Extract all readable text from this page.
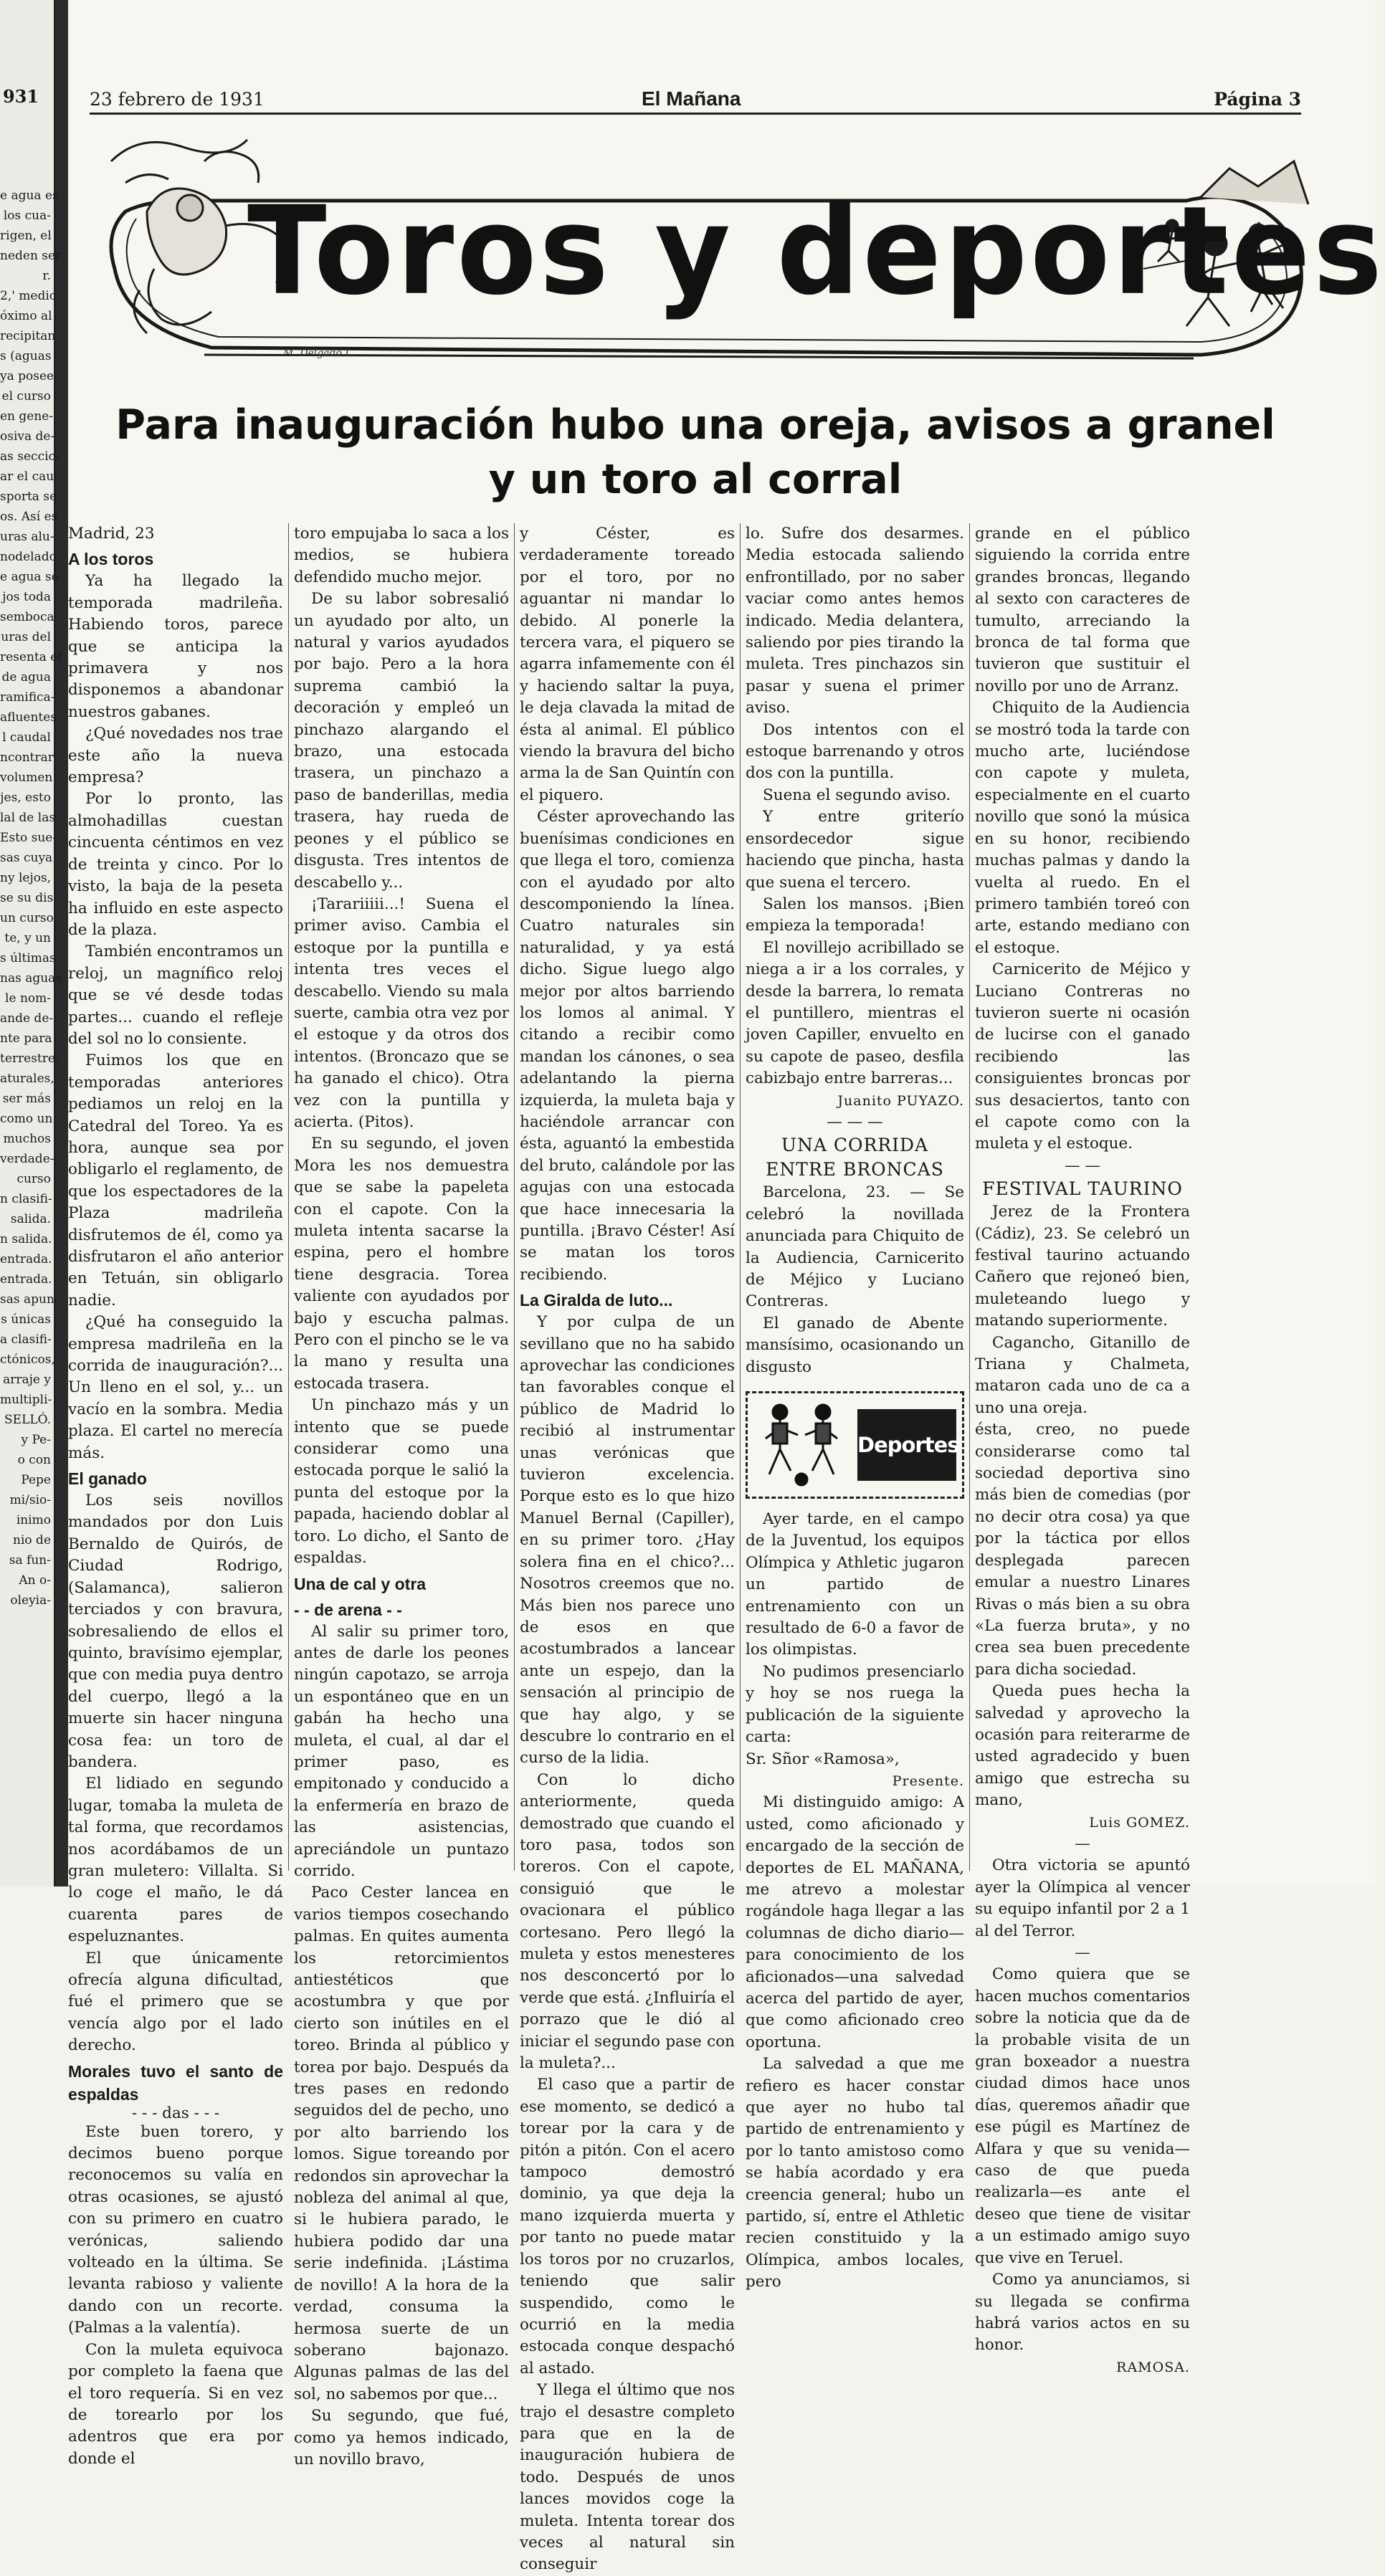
931
e agua es
los cua-
rigen, el
neden ser
r.
2,' medio
óximo al
recipitan
s (aguas
ya posee
el curso
en gene-
osiva de-
as seccio-
ar el cau-
sporta se
os. Así es
uras alu-
nodelado-
e agua se
jos toda
semboca-
uras del
resenta el
de agua
ramifica-
afluentes
l caudal
ncontrar
volumen
jes, esto
lal de las
Esto sue-
sas cuya
ny lejos,
se su dis-
un curso
te, y un
s últimas
nas aguas
le nom-
ande de-
nte para
terrestre-
aturales,
ser más
como un
muchos
verdade-
curso
n clasifi-
salida.
n salida.
entrada.
entrada.
sas apun-
s únicas
a clasifi-
ctónicos,
arraje y
multipli-
SELLÓ.
y Pe-
o con
Pepe
mi/sio-
inimo
nio de
sa fun-
An o-
oleyia-
23 febrero de 1931	El Mañana	Página 3
Toros y deportes
M. Delgado L.
Para inauguración hubo una oreja, avisos a granel y un toro al corral

Madrid, 23

A los toros

Ya ha llegado la temporada madrileña. Habiendo toros, parece que se anticipa la primavera y nos disponemos a abandonar nuestros gabanes.

¿Qué novedades nos trae este año la nueva empresa?

Por lo pronto, las almohadillas cuestan cincuenta céntimos en vez de treinta y cinco. Por lo visto, la baja de la peseta ha influido en este aspecto de la plaza.

También encontramos un reloj, un magnífico reloj que se vé desde todas partes... cuando el refleje del sol no lo consiente.

Fuimos los que en temporadas anteriores pediamos un reloj en la Catedral del Toreo. Ya es hora, aunque sea por obligarlo el reglamento, de que los espectadores de la Plaza madrileña disfrutemos de él, como ya disfrutaron el año anterior en Tetuán, sin obligarlo nadie.

¿Qué ha conseguido la empresa madrileña en la corrida de inauguración?... Un lleno en el sol, y... un vacío en la sombra. Media plaza. El cartel no merecía más.

El ganado

Los seis novillos mandados por don Luis Bernaldo de Quirós, de Ciudad Rodrigo, (Salamanca), salieron terciados y con bravura, sobresaliendo de ellos el quinto, bravísimo ejemplar, que con media puya dentro del cuerpo, llegó a la muerte sin hacer ninguna cosa fea: un toro de bandera.

El lidiado en segundo lugar, tomaba la muleta de tal forma, que recordamos nos acordábamos de un gran muletero: Villalta. Si lo coge el maño, le dá cuarenta pares de espeluznantes.

El que únicamente ofrecía alguna dificultad, fué el primero que se vencía algo por el lado derecho.

Morales tuvo el santo de espaldas

- - - das - - -

Este buen torero, y decimos bueno porque reconocemos su valía en otras ocasiones, se ajustó con su primero en cuatro verónicas, saliendo volteado en la última. Se levanta rabioso y valiente dando con un recorte. (Palmas a la valentía).

Con la muleta equivoca por completo la faena que el toro requería. Si en vez de torearlo por los adentros que era por donde el

toro empujaba lo saca a los medios, se hubiera defendido mucho mejor.

De su labor sobresalió un ayudado por alto, un natural y varios ayudados por bajo. Pero a la hora suprema cambió la decoración y empleó un pinchazo alargando el brazo, una estocada trasera, un pinchazo a paso de banderillas, media trasera, hay rueda de peones y el público se disgusta. Tres intentos de descabello y...

¡Tarariiiii...! Suena el primer aviso. Cambia el estoque por la puntilla e intenta tres veces el descabello. Viendo su mala suerte, cambia otra vez por el estoque y da otros dos intentos. (Broncazo que se ha ganado el chico). Otra vez con la puntilla y acierta. (Pitos).

En su segundo, el joven Mora les nos demuestra que se sabe la papeleta con el capote. Con la muleta intenta sacarse la espina, pero el hombre tiene desgracia. Torea valiente con ayudados por bajo y escucha palmas. Pero con el pincho se le va la mano y resulta una estocada trasera.

Un pinchazo más y un intento que se puede considerar como una estocada porque le salió la punta del estoque por la papada, haciendo doblar al toro. Lo dicho, el Santo de espaldas.

Una de cal y otra

- - de arena - -

Al salir su primer toro, antes de darle los peones ningún capotazo, se arroja un espontáneo que en un gabán ha hecho una muleta, el cual, al dar el primer paso, es empitonado y conducido a la enfermería en brazo de las asistencias, apreciándole un puntazo corrido.

Paco Cester lancea en varios tiempos cosechando palmas. En quites aumenta los retorcimientos antiestéticos que acostumbra y que por cierto son inútiles en el toreo. Brinda al público y torea por bajo. Después da tres pases en redondo seguidos del de pecho, uno por alto barriendo los lomos. Sigue toreando por redondos sin aprovechar la nobleza del animal al que, si le hubiera parado, le hubiera podido dar una serie indefinida. ¡Lástima de novillo! A la hora de la verdad, consuma la hermosa suerte de un soberano bajonazo. Algunas palmas de las del sol, no sabemos por que...

Su segundo, que fué, como ya hemos indicado, un novillo bravo,

y Céster, es verdaderamente toreado por el toro, por no aguantar ni mandar lo debido. Al ponerle la tercera vara, el piquero se agarra infamemente con él y haciendo saltar la puya, le deja clavada la mitad de ésta al animal. El público viendo la bravura del bicho arma la de San Quintín con el piquero.

Céster aprovechando las buenísimas condiciones en que llega el toro, comienza con el ayudado por alto descomponiendo la línea. Cuatro naturales sin naturalidad, y ya está dicho. Sigue luego algo mejor por altos barriendo los lomos al animal. Y citando a recibir como mandan los cánones, o sea adelantando la pierna izquierda, la muleta baja y haciéndole arrancar con ésta, aguantó la embestida del bruto, calándole por las agujas con una estocada que hace innecesaria la puntilla. ¡Bravo Céster! Así se matan los toros recibiendo.

La Giralda de luto...

Y por culpa de un sevillano que no ha sabido aprovechar las condiciones tan favorables conque el público de Madrid lo recibió al instrumentar unas verónicas que tuvieron excelencia. Porque esto es lo que hizo Manuel Bernal (Capiller), en su primer toro. ¿Hay solera fina en el chico?... Nosotros creemos que no. Más bien nos parece uno de esos en que acostumbrados a lancear ante un espejo, dan la sensación al principio de que hay algo, y se descubre lo contrario en el curso de la lidia.

Con lo dicho anteriormente, queda demostrado que cuando el toro pasa, todos son toreros. Con el capote, consiguió que le ovacionara el público cortesano. Pero llegó la muleta y estos menesteres nos desconcertó por lo verde que está. ¿Influiría el porrazo que le dió al iniciar el segundo pase con la muleta?...

El caso que a partir de ese momento, se dedicó a torear por la cara y de pitón a pitón. Con el acero tampoco demostró dominio, ya que deja la mano izquierda muerta y por tanto no puede matar los toros por no cruzarlos, teniendo que salir suspendido, como le ocurrió en la media estocada conque despachó al astado.

Y llega el último que nos trajo el desastre completo para que en la de inauguración hubiera de todo. Después de unos lances movidos coge la muleta. Intenta torear dos veces al natural sin conseguir

lo. Sufre dos desarmes. Media estocada saliendo enfrontillado, por no saber vaciar como antes hemos indicado. Media delantera, saliendo por pies tirando la muleta. Tres pinchazos sin pasar y suena el primer aviso.

Dos intentos con el estoque barrenando y otros dos con la puntilla.

Suena el segundo aviso.

Y entre griterío ensordecedor sigue haciendo que pincha, hasta que suena el tercero.

Salen los mansos. ¡Bien empieza la temporada!

El novillejo acribillado se niega a ir a los corrales, y desde la barrera, lo remata el puntillero, mientras el joven Capiller, envuelto en su capote de paseo, desfila cabizbajo entre barreras...

Juanito PUYAZO.

— — —

UNA CORRIDA ENTRE BRONCAS

Barcelona, 23. — Se celebró la novillada anunciada para Chiquito de la Audiencia, Carnicerito de Méjico y Luciano Contreras.

El ganado de Abente mansísimo, ocasionando un disgusto

Deportes

Ayer tarde, en el campo de la Juventud, los equipos Olímpica y Athletic jugaron un partido de entrenamiento con un resultado de 6-0 a favor de los olimpistas.

No pudimos presenciarlo y hoy se nos ruega la publicación de la siguiente carta:

Sr. Sñor «Ramosa»,

Presente.

Mi distinguido amigo: A usted, como aficionado y encargado de la sección de deportes de EL MAÑANA, me atrevo a molestar rogándole haga llegar a las columnas de dicho diario—para conocimiento de los aficionados—una salvedad acerca del partido de ayer, que como aficionado creo oportuna.

La salvedad a que me refiero es hacer constar que ayer no hubo tal partido de entrenamiento y por lo tanto amistoso como se había acordado y era creencia general; hubo un partido, sí, entre el Athletic recien constituido y la Olímpica, ambos locales, pero

grande en el público siguiendo la corrida entre grandes broncas, llegando al sexto con caracteres de tumulto, arreciando la bronca de tal forma que tuvieron que sustituir el novillo por uno de Arranz.

Chiquito de la Audiencia se mostró toda la tarde con mucho arte, luciéndose con capote y muleta, especialmente en el cuarto novillo que sonó la música en su honor, recibiendo muchas palmas y dando la vuelta al ruedo. En el primero también toreó con arte, estando mediano con el estoque.

Carnicerito de Méjico y Luciano Contreras no tuvieron suerte ni ocasión de lucirse con el ganado recibiendo las consiguientes broncas por sus desaciertos, tanto con el capote como con la muleta y el estoque.

— —

FESTIVAL TAURINO

Jerez de la Frontera (Cádiz), 23. Se celebró un festival taurino actuando Cañero que rejoneó bien, muleteando luego y matando superiormente.

Cagancho, Gitanillo de Triana y Chalmeta, mataron cada uno de ca a uno una oreja.

ésta, creo, no puede considerarse como tal sociedad deportiva sino más bien de comedias (por no decir otra cosa) ya que por la táctica por ellos desplegada parecen emular a nuestro Linares Rivas o más bien a su obra «La fuerza bruta», y no crea sea buen precedente para dicha sociedad.

Queda pues hecha la salvedad y aprovecho la ocasión para reiterarme de usted agradecido y buen amigo que estrecha su mano,

Luis GOMEZ.

—

Otra victoria se apuntó ayer la Olímpica al vencer su equipo infantil por 2 a 1 al del Terror.

—

Como quiera que se hacen muchos comentarios sobre la noticia que da de la probable visita de un gran boxeador a nuestra ciudad dimos hace unos días, queremos añadir que ese púgil es Martínez de Alfara y que su venida—caso de que pueda realizarla—es ante el deseo que tiene de visitar a un estimado amigo suyo que vive en Teruel.

Como ya anunciamos, si su llegada se confirma habrá varios actos en su honor.

RAMOSA.
